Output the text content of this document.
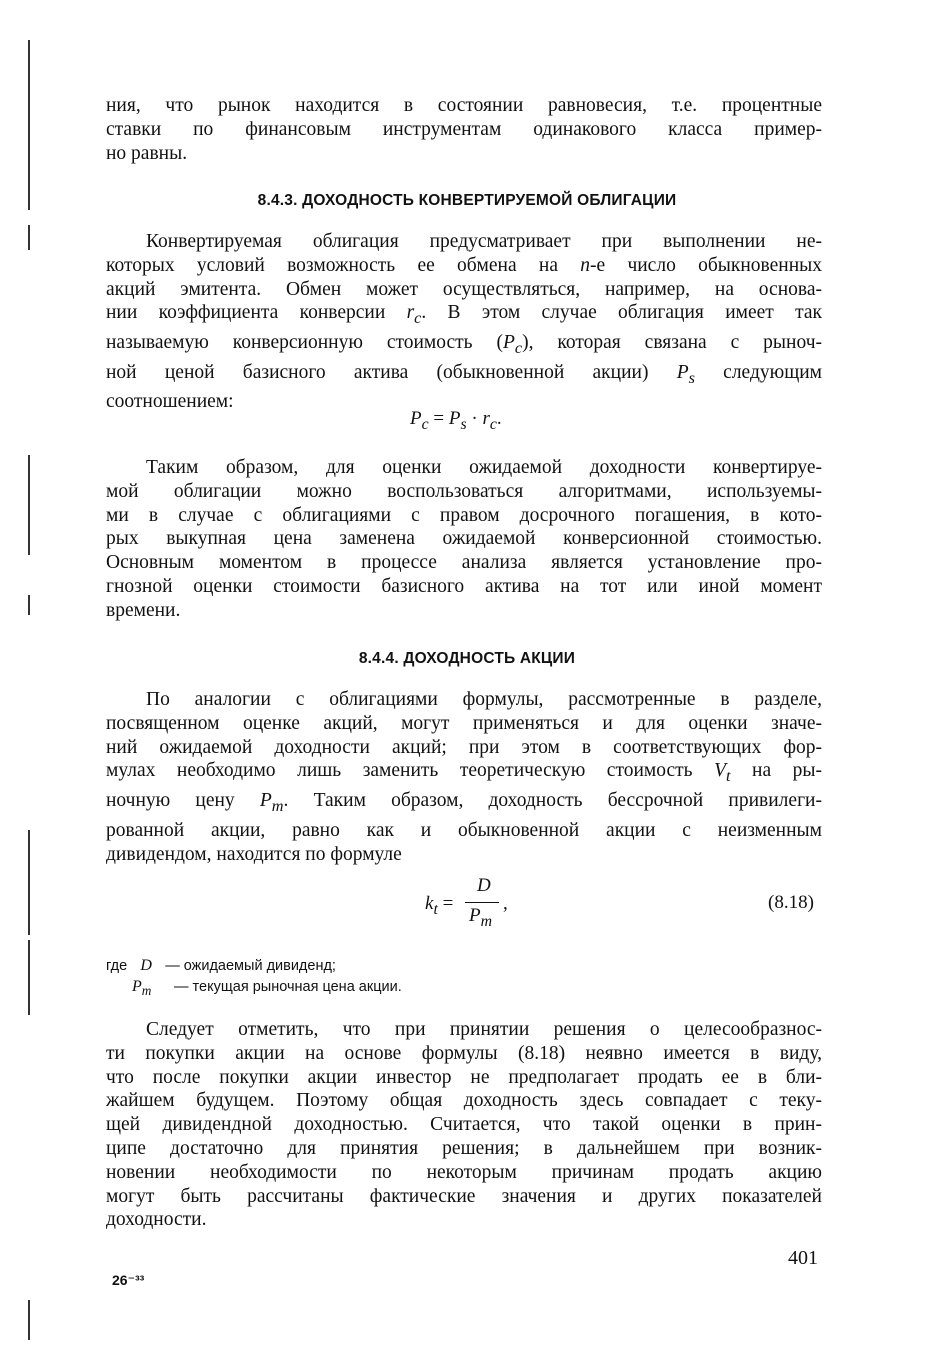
ния, что рынок находится в состоянии равновесия, т.е. процентные
ставки по финансовым инструментам одинакового класса пример-
но равны.
8.4.3. ДОХОДНОСТЬ КОНВЕРТИРУЕМОЙ ОБЛИГАЦИИ
Конвертируемая облигация предусматривает при выполнении не-
которых условий возможность ее обмена на n-е число обыкновенных
акций эмитента. Обмен может осуществляться, например, на основа-
нии коэффициента конверсии $r_c$. В этом случае облигация имеет так
называемую конверсионную стоимость $(P_c)$, которая связана с рыноч-
ной ценой базисного актива (обыкновенной акции) $P_s$ следующим
соотношением:
$P_c = P_s \cdot r_c$.
Таким образом, для оценки ожидаемой доходности конвертируе-
мой облигации можно воспользоваться алгоритмами, используемы-
ми в случае с облигациями с правом досрочного погашения, в кото-
рых выкупная цена заменена ожидаемой конверсионной стоимостью.
Основным моментом в процессе анализа является установление про-
гнозной оценки стоимости базисного актива на тот или иной момент
времени.
8.4.4. ДОХОДНОСТЬ АКЦИИ
По аналогии с облигациями формулы, рассмотренные в разделе,
посвященном оценке акций, могут применяться и для оценки значе-
ний ожидаемой доходности акций; при этом в соответствующих фор-
мулах необходимо лишь заменить теоретическую стоимость $V_t$ на ры-
ночную цену $P_m$. Таким образом, доходность бессрочной привилеги-
рованной акции, равно как и обыкновенной акции с неизменным
дивидендом, находится по формуле
$k_t$ =
D
$P_m$
,	(8.18)
где D — ожидаемый дивиденд;
$P_m$ — текущая рыночная цена акции.
Следует отметить, что при принятии решения о целесообразнос-
ти покупки акции на основе формулы (8.18) неявно имеется в виду,
что после покупки акции инвестор не предполагает продать ее в бли-
жайшем будущем. Поэтому общая доходность здесь совпадает с теку-
щей дивидендной доходностью. Считается, что такой оценки в прин-
ципе достаточно для принятия решения; в дальнейшем при возник-
новении необходимости по некоторым причинам продать акцию
могут быть рассчитаны фактические значения и других показателей
доходности.
401
26⁻³³
